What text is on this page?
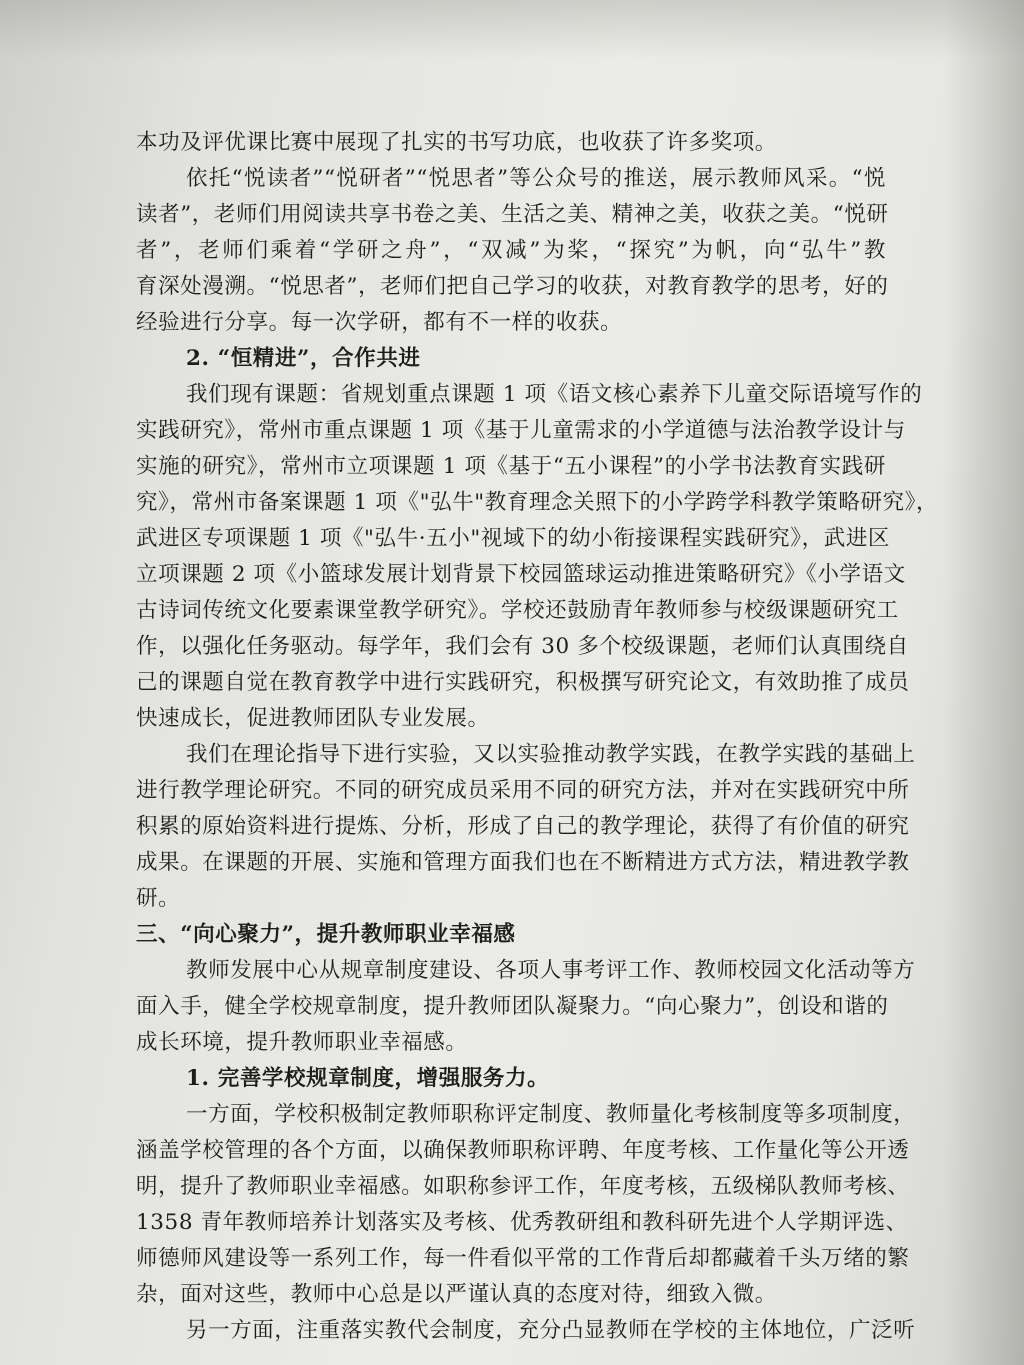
本功及评优课比赛中展现了扎实的书写功底，也收获了许多奖项。
依托“悦读者”“悦研者”“悦思者”等公众号的推送，展示教师风采。“悦
读者”，老师们用阅读共享书卷之美、生活之美、精神之美，收获之美。“悦研
者”，老师们乘着“学研之舟”，“双减”为桨，“探究”为帆，向“弘牛”教
育深处漫溯。“悦思者”，老师们把自己学习的收获，对教育教学的思考，好的
经验进行分享。每一次学研，都有不一样的收获。
2. “恒精进”，合作共进
我们现有课题：省规划重点课题 1 项《语文核心素养下儿童交际语境写作的
实践研究》，常州市重点课题 1 项《基于儿童需求的小学道德与法治教学设计与
实施的研究》，常州市立项课题 1 项《基于“五小课程”的小学书法教育实践研
究》，常州市备案课题 1 项《"弘牛"教育理念关照下的小学跨学科教学策略研究》，
武进区专项课题 1 项《"弘牛·五小"视域下的幼小衔接课程实践研究》，武进区
立项课题 2 项《小篮球发展计划背景下校园篮球运动推进策略研究》《小学语文
古诗词传统文化要素课堂教学研究》。学校还鼓励青年教师参与校级课题研究工
作，以强化任务驱动。每学年，我们会有 30 多个校级课题，老师们认真围绕自
己的课题自觉在教育教学中进行实践研究，积极撰写研究论文，有效助推了成员
快速成长，促进教师团队专业发展。
我们在理论指导下进行实验，又以实验推动教学实践，在教学实践的基础上
进行教学理论研究。不同的研究成员采用不同的研究方法，并对在实践研究中所
积累的原始资料进行提炼、分析，形成了自己的教学理论，获得了有价值的研究
成果。在课题的开展、实施和管理方面我们也在不断精进方式方法，精进教学教
研。
三、“向心聚力”，提升教师职业幸福感
教师发展中心从规章制度建设、各项人事考评工作、教师校园文化活动等方
面入手，健全学校规章制度，提升教师团队凝聚力。“向心聚力”，创设和谐的
成长环境，提升教师职业幸福感。
1. 完善学校规章制度，增强服务力。
一方面，学校积极制定教师职称评定制度、教师量化考核制度等多项制度，
涵盖学校管理的各个方面，以确保教师职称评聘、年度考核、工作量化等公开透
明，提升了教师职业幸福感。如职称参评工作，年度考核，五级梯队教师考核、
1358 青年教师培养计划落实及考核、优秀教研组和教科研先进个人学期评选、
师德师风建设等一系列工作，每一件看似平常的工作背后却都藏着千头万绪的繁
杂，面对这些，教师中心总是以严谨认真的态度对待，细致入微。
另一方面，注重落实教代会制度，充分凸显教师在学校的主体地位，广泛听
